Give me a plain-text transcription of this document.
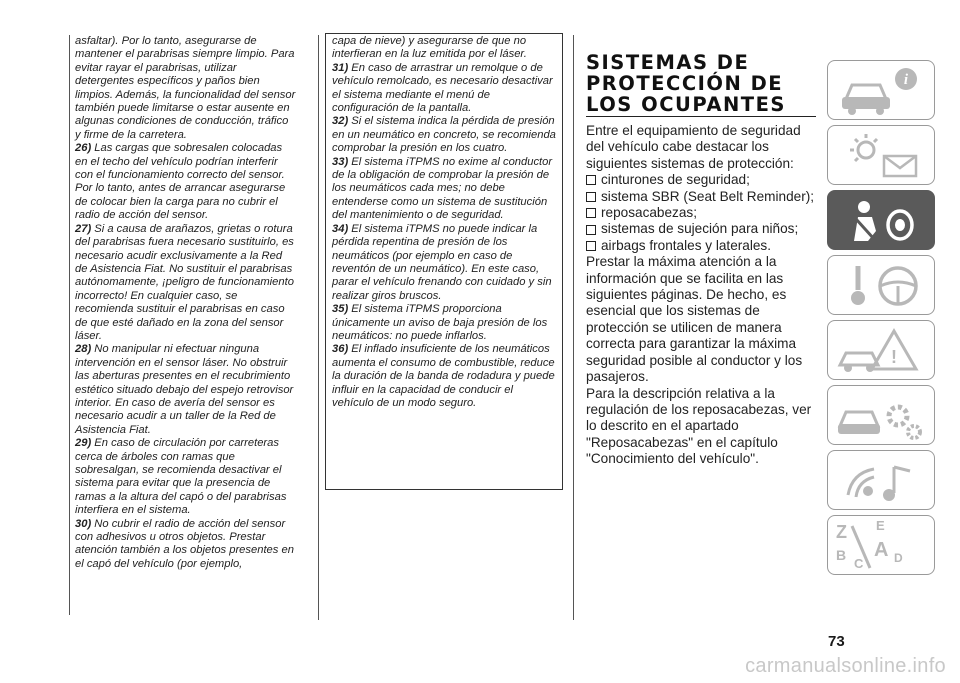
asfaltar). Por lo tanto, asegurarse de mantener el parabrisas siempre limpio. Para evitar rayar el parabrisas, utilizar detergentes específicos y paños bien limpios. Además, la funcionalidad del sensor también puede limitarse o estar ausente en algunas condiciones de conducción, tráfico y firme de la carretera.

26) Las cargas que sobresalen colocadas en el techo del vehículo podrían interferir con el funcionamiento correcto del sensor. Por lo tanto, antes de arrancar asegurarse de colocar bien la carga para no cubrir el radio de acción del sensor.

27) Si a causa de arañazos, grietas o rotura del parabrisas fuera necesario sustituirlo, es necesario acudir exclusivamente a la Red de Asistencia Fiat. No sustituir el parabrisas autónomamente, ¡peligro de funcionamiento incorrecto! En cualquier caso, se recomienda sustituir el parabrisas en caso de que esté dañado en la zona del sensor láser.

28) No manipular ni efectuar ninguna intervención en el sensor láser. No obstruir las aberturas presentes en el recubrimiento estético situado debajo del espejo retrovisor interior. En caso de avería del sensor es necesario acudir a un taller de la Red de Asistencia Fiat.

29) En caso de circulación por carreteras cerca de árboles con ramas que sobresalgan, se recomienda desactivar el sistema para evitar que la presencia de ramas a la altura del capó o del parabrisas interfiera en el sistema.

30) No cubrir el radio de acción del sensor con adhesivos u otros objetos. Prestar atención también a los objetos presentes en el capó del vehículo (por ejemplo,

capa de nieve) y asegurarse de que no interfieran en la luz emitida por el láser.

31) En caso de arrastrar un remolque o de vehículo remolcado, es necesario desactivar el sistema mediante el menú de configuración de la pantalla.

32) Si el sistema indica la pérdida de presión en un neumático en concreto, se recomienda comprobar la presión en los cuatro.

33) El sistema iTPMS no exime al conductor de la obligación de comprobar la presión de los neumáticos cada mes; no debe entenderse como un sistema de sustitución del mantenimiento o de seguridad.

34) El sistema iTPMS no puede indicar la pérdida repentina de presión de los neumáticos (por ejemplo en caso de reventón de un neumático). En este caso, parar el vehículo frenando con cuidado y sin realizar giros bruscos.

35) El sistema iTPMS proporciona únicamente un aviso de baja presión de los neumáticos: no puede inflarlos.

36) El inflado insuficiente de los neumáticos aumenta el consumo de combustible, reduce la duración de la banda de rodadura y puede influir en la capacidad de conducir el vehículo de un modo seguro.

SISTEMAS DE
PROTECCIÓN DE
LOS OCUPANTES

Entre el equipamiento de seguridad del vehículo cabe destacar los siguientes sistemas de protección:

cinturones de seguridad;
sistema SBR (Seat Belt Reminder);
reposacabezas;
sistemas de sujeción para niños;
airbags frontales y laterales.

Prestar la máxima atención a la información que se facilita en las siguientes páginas. De hecho, es esencial que los sistemas de protección se utilicen de manera correcta para garantizar la máxima seguridad posible al conductor y los pasajeros.

Para la descripción relativa a la regulación de los reposacabezas, ver lo descrito en el apartado "Reposacabezas" en el capítulo "Conocimiento del vehículo".

i
!
Z E
B A
C	D
73
carmanualsonline.info
